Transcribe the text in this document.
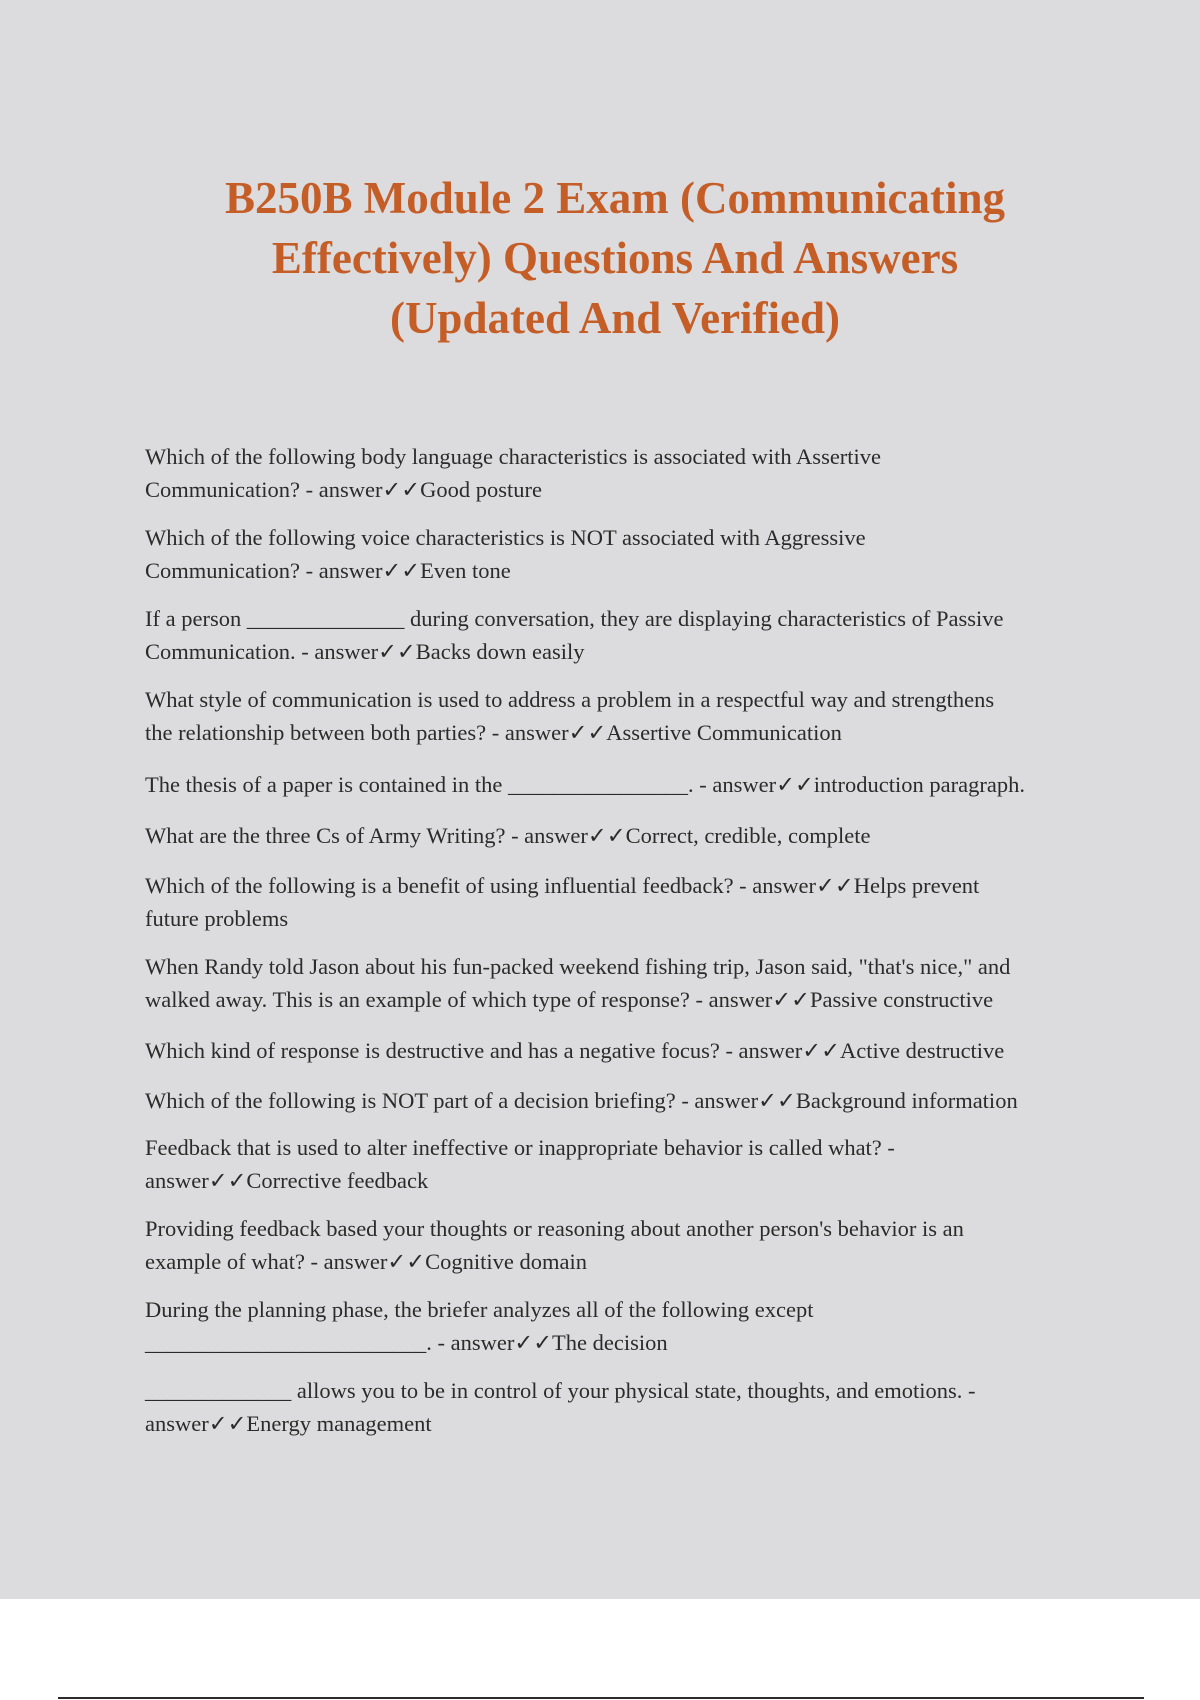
B250B Module 2 Exam (Communicating
Effectively) Questions And Answers
(Updated And Verified)
Which of the following body language characteristics is associated with Assertive
Communication? - answer✓✓Good posture
Which of the following voice characteristics is NOT associated with Aggressive
Communication? - answer✓✓Even tone
If a person ______________ during conversation, they are displaying characteristics of Passive
Communication. - answer✓✓Backs down easily
What style of communication is used to address a problem in a respectful way and strengthens
the relationship between both parties? - answer✓✓Assertive Communication
The thesis of a paper is contained in the ________________. - answer✓✓introduction paragraph.
What are the three Cs of Army Writing? - answer✓✓Correct, credible, complete
Which of the following is a benefit of using influential feedback? - answer✓✓Helps prevent
future problems
When Randy told Jason about his fun-packed weekend fishing trip, Jason said, "that's nice," and
walked away. This is an example of which type of response? - answer✓✓Passive constructive
Which kind of response is destructive and has a negative focus? - answer✓✓Active destructive
Which of the following is NOT part of a decision briefing? - answer✓✓Background information
Feedback that is used to alter ineffective or inappropriate behavior is called what? -
answer✓✓Corrective feedback
Providing feedback based your thoughts or reasoning about another person's behavior is an
example of what? - answer✓✓Cognitive domain
During the planning phase, the briefer analyzes all of the following except
_________________________. - answer✓✓The decision
_____________ allows you to be in control of your physical state, thoughts, and emotions. -
answer✓✓Energy management
